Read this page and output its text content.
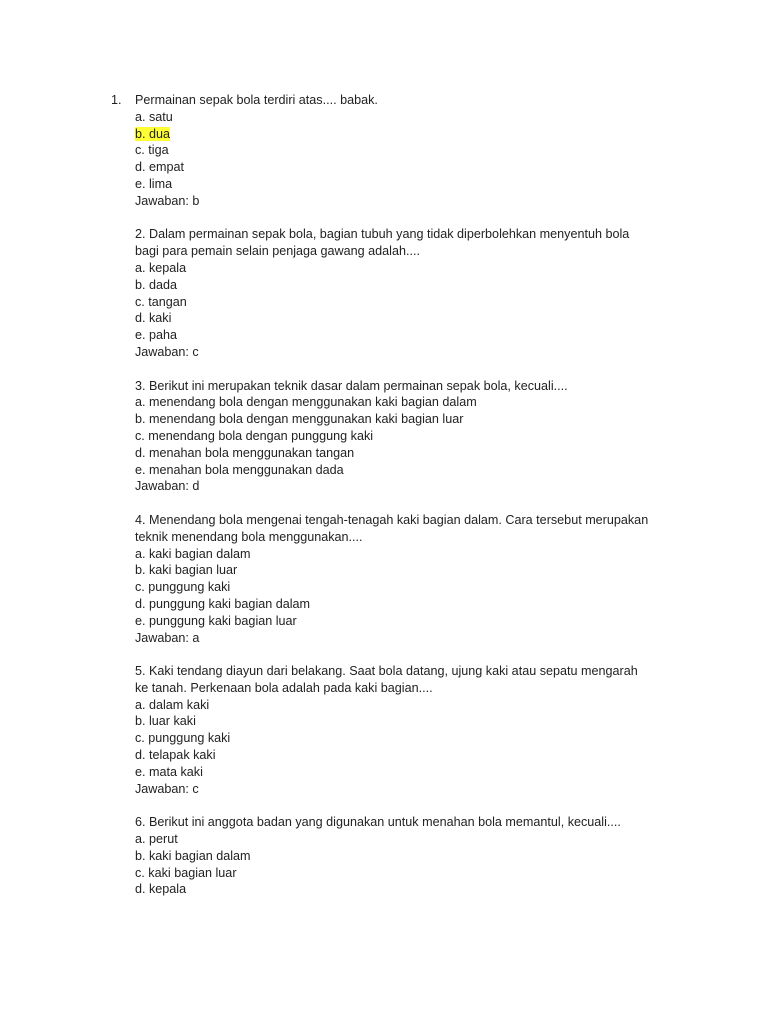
1. Permainan sepak bola terdiri atas.... babak.
a. satu
b. dua
c. tiga
d. empat
e. lima
Jawaban: b
2. Dalam permainan sepak bola, bagian tubuh yang tidak diperbolehkan menyentuh bola
bagi para pemain selain penjaga gawang adalah....
a. kepala
b. dada
c. tangan
d. kaki
e. paha
Jawaban: c
3. Berikut ini merupakan teknik dasar dalam permainan sepak bola, kecuali....
a. menendang bola dengan menggunakan kaki bagian dalam
b. menendang bola dengan menggunakan kaki bagian luar
c. menendang bola dengan punggung kaki
d. menahan bola menggunakan tangan
e. menahan bola menggunakan dada
Jawaban: d
4. Menendang bola mengenai tengah-tenagah kaki bagian dalam. Cara tersebut merupakan
teknik menendang bola menggunakan....
a. kaki bagian dalam
b. kaki bagian luar
c. punggung kaki
d. punggung kaki bagian dalam
e. punggung kaki bagian luar
Jawaban: a
5. Kaki tendang diayun dari belakang. Saat bola datang, ujung kaki atau sepatu mengarah
ke tanah. Perkenaan bola adalah pada kaki bagian....
a. dalam kaki
b. luar kaki
c. punggung kaki
d. telapak kaki
e. mata kaki
Jawaban: c
6. Berikut ini anggota badan yang digunakan untuk menahan bola memantul, kecuali....
a. perut
b. kaki bagian dalam
c. kaki bagian luar
d. kepala
